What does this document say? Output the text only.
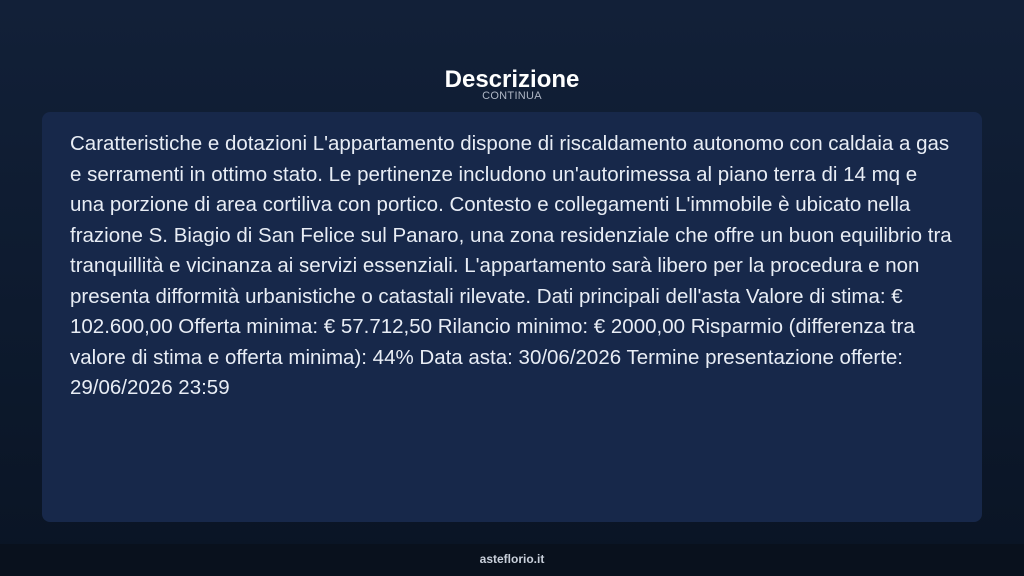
Descrizione
CONTINUA

Caratteristiche e dotazioni L'appartamento dispone di riscaldamento autonomo con caldaia a gas e serramenti in ottimo stato. Le pertinenze includono un'autorimessa al piano terra di 14 mq e una porzione di area cortiliva con portico. Contesto e collegamenti L'immobile è ubicato nella frazione S. Biagio di San Felice sul Panaro, una zona residenziale che offre un buon equilibrio tra tranquillità e vicinanza ai servizi essenziali. L'appartamento sarà libero per la procedura e non presenta difformità urbanistiche o catastali rilevate. Dati principali dell'asta Valore di stima: € 102.600,00 Offerta minima: € 57.712,50 Rilancio minimo: € 2000,00 Risparmio (differenza tra valore di stima e offerta minima): 44% Data asta: 30/06/2026 Termine presentazione offerte: 29/06/2026 23:59

asteflorio.it
